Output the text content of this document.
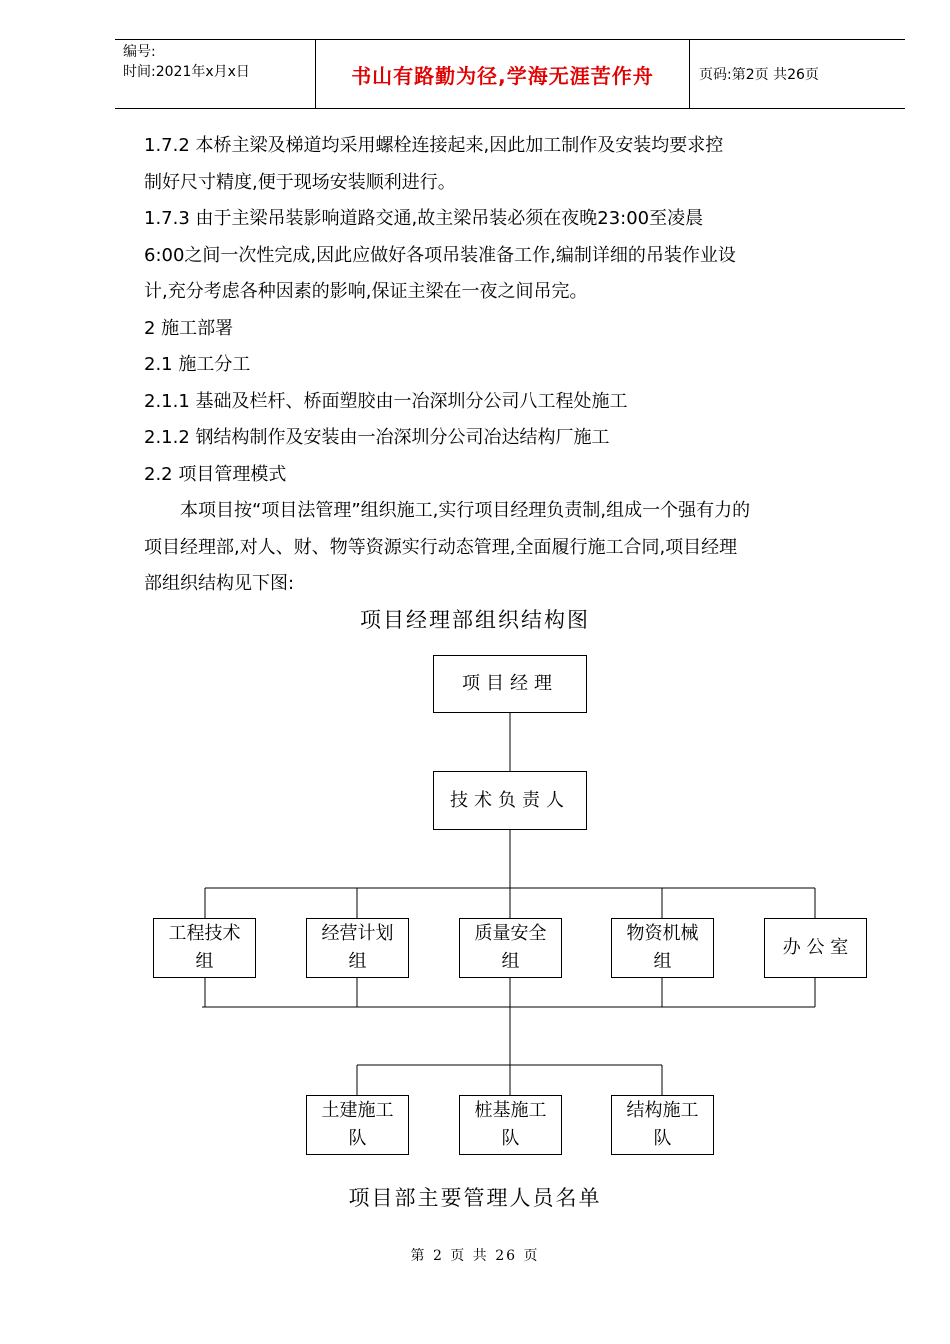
编号:
时间:2021年x月x日	书山有路勤为径,学海无涯苦作舟	页码:第2页 共26页

1.7.2 本桥主梁及梯道均采用螺栓连接起来,因此加工制作及安装均要求控

制好尺寸精度,便于现场安装顺利进行。

1.7.3 由于主梁吊装影响道路交通,故主梁吊装必须在夜晚23:00至凌晨

6:00之间一次性完成,因此应做好各项吊装准备工作,编制详细的吊装作业设

计,充分考虑各种因素的影响,保证主梁在一夜之间吊完。

2 施工部署

2.1 施工分工

2.1.1 基础及栏杆、桥面塑胶由一冶深圳分公司八工程处施工

2.1.2 钢结构制作及安装由一冶深圳分公司冶达结构厂施工

2.2 项目管理模式

本项目按“项目法管理”组织施工,实行项目经理负责制,组成一个强有力的

项目经理部,对人、财、物等资源实行动态管理,全面履行施工合同,项目经理

部组织结构见下图:

项目经理部组织结构图
项目经理
技术负责人
工程技术
组
经营计划
组
质量安全
组
物资机械
组
办 公 室
土建施工
队
桩基施工
队
结构施工
队
项目部主要管理人员名单
第 2 页 共 26 页
